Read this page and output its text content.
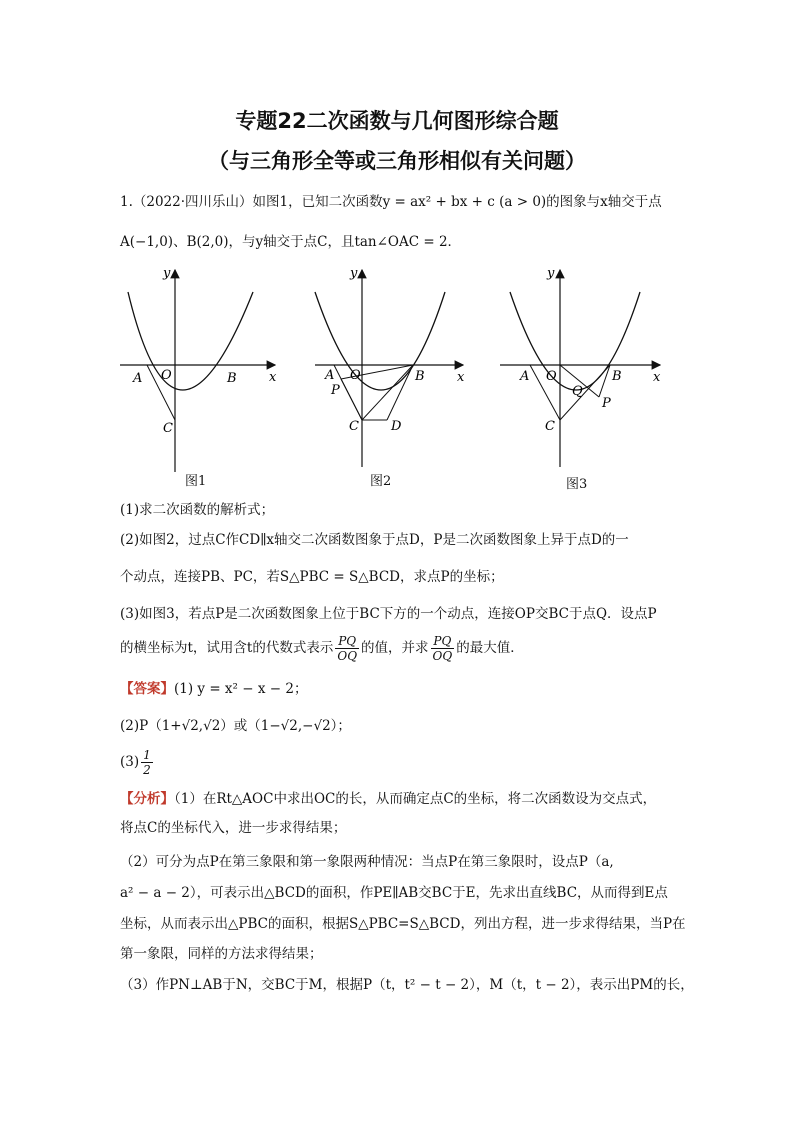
专题22二次函数与几何图形综合题
（与三角形全等或三角形相似有关问题）
1.（2022·四川乐山）如图1，已知二次函数y = ax² + bx + c (a > 0)的图象与x轴交于点
A(−1,0)、B(2,0)，与y轴交于点C，且tan∠OAC = 2．
y
x
A O	B
C
y
x
A O	B
P
C D
y
x
A O	B
Q
P
C
图1	图2	图3
(1)求二次函数的解析式；
(2)如图2，过点C作CD∥x轴交二次函数图象于点D，P是二次函数图象上异于点D的一
个动点，连接PB、PC，若S△PBC = S△BCD，求点P的坐标；
(3)如图3，若点P是二次函数图象上位于BC下方的一个动点，连接OP交BC于点Q．设点P
的横坐标为t，试用含t的代数式表示 $\frac{PQ}{OQ}$ 的值，并求 $\frac{PQ}{OQ}$ 的最大值．
【答案】(1) y = x² − x − 2；
(2)P（1+√2,√2）或（1−√2,−√2）；
$(3) \frac{1}{2}$
【分析】（1）在Rt△AOC中求出OC的长，从而确定点C的坐标，将二次函数设为交点式，
将点C的坐标代入，进一步求得结果；
（2）可分为点P在第三象限和第一象限两种情况：当点P在第三象限时，设点P（a,
a² − a − 2），可表示出△BCD的面积，作PE∥AB交BC于E，先求出直线BC，从而得到E点
坐标，从而表示出△PBC的面积，根据S△PBC=S△BCD，列出方程，进一步求得结果，当P在
第一象限，同样的方法求得结果；
（3）作PN⊥AB于N，交BC于M，根据P（t，t² − t − 2），M（t，t − 2），表示出PM的长，
